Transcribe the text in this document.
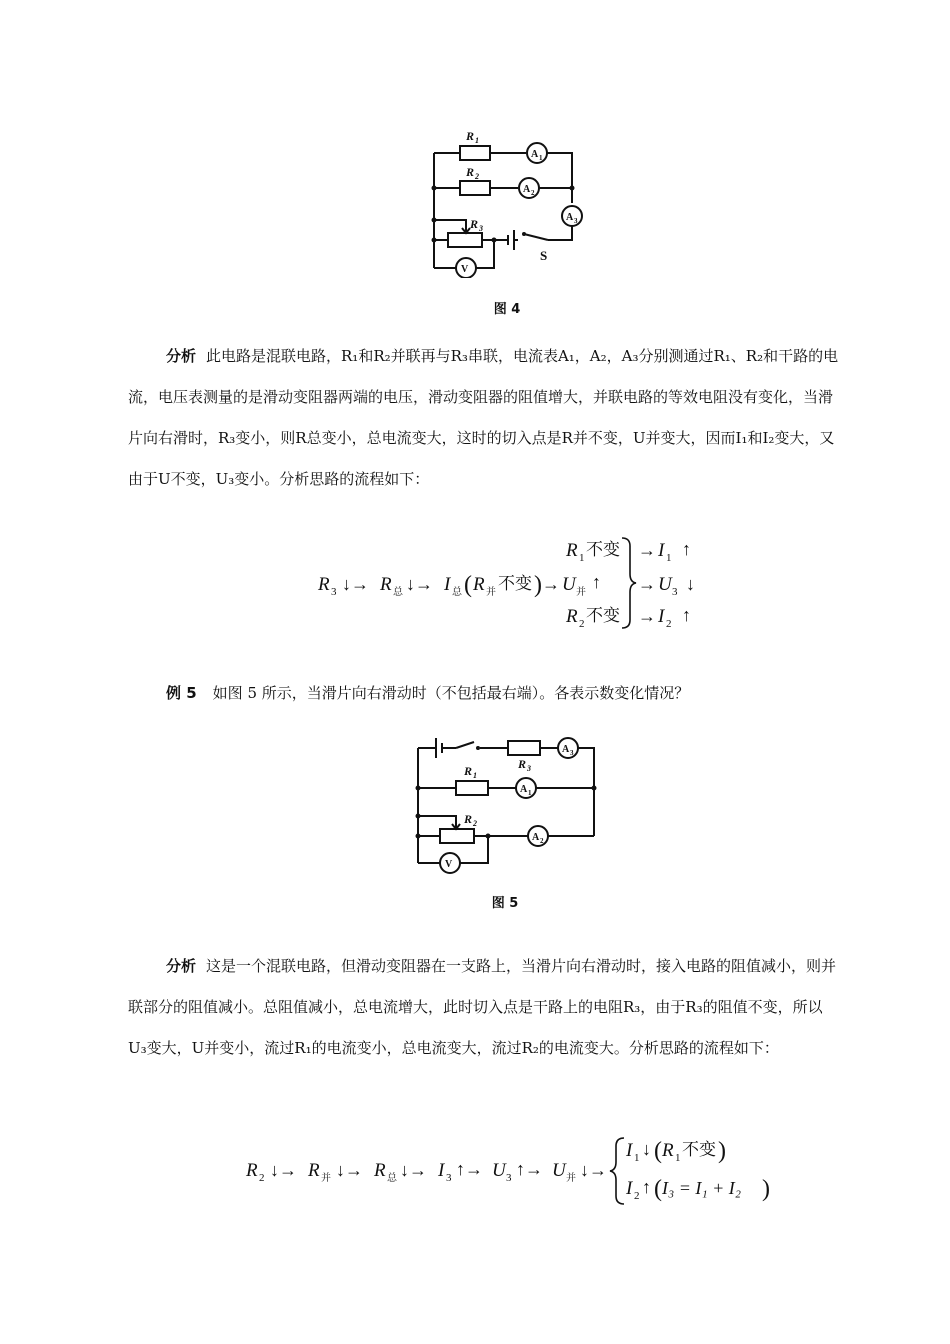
R 1
R 2
R 3
A 1
A 2
A 3
V
S
图 4

分析 此电路是混联电路，R₁和R₂并联再与R₃串联，电流表A₁，A₂，A₃分别测通过R₁、R₂和干路的电流，电压表测量的是滑动变阻器两端的电压，滑动变阻器的阻值增大，并联电路的等效电阻没有变化，当滑片向右滑时，R₃变小，则R总变小，总电流变大，这时的切入点是R并不变，U并变大，因而I₁和I₂变大，又由于U不变，U₃变小。分析思路的流程如下：

R 3 ↓→ R 总 ↓→ I 总 ( R 并 不变 ) → U 并
↑
R 1 不变
R 2 不变
→ I 1 ↑
→ U 3 ↓
→ I 2 ↑
例 5 如图 5 所示，当滑片向右滑动时（不包括最右端）。各表示数变化情况？
R 3
R 1
R 2
A 3
A 1
A 2
V
图 5

分析 这是一个混联电路，但滑动变阻器在一支路上，当滑片向右滑动时，接入电路的阻值减小，则并联部分的阻值减小。总阻值减小，总电流增大，此时切入点是干路上的电阻R₃，由于R₃的阻值不变，所以U₃变大，U并变小，流过R₁的电流变小，总电流变大，流过R₂的电流变大。分析思路的流程如下：

R 2 ↓→ R 并 ↓→ R 总 ↓→ I 3 ↑→ U 3 ↑→ U 并 ↓→
I 1 ↓ ( R 1 不变 )
I 2 ↑ ( I₃ = I₁ + I₂ )
